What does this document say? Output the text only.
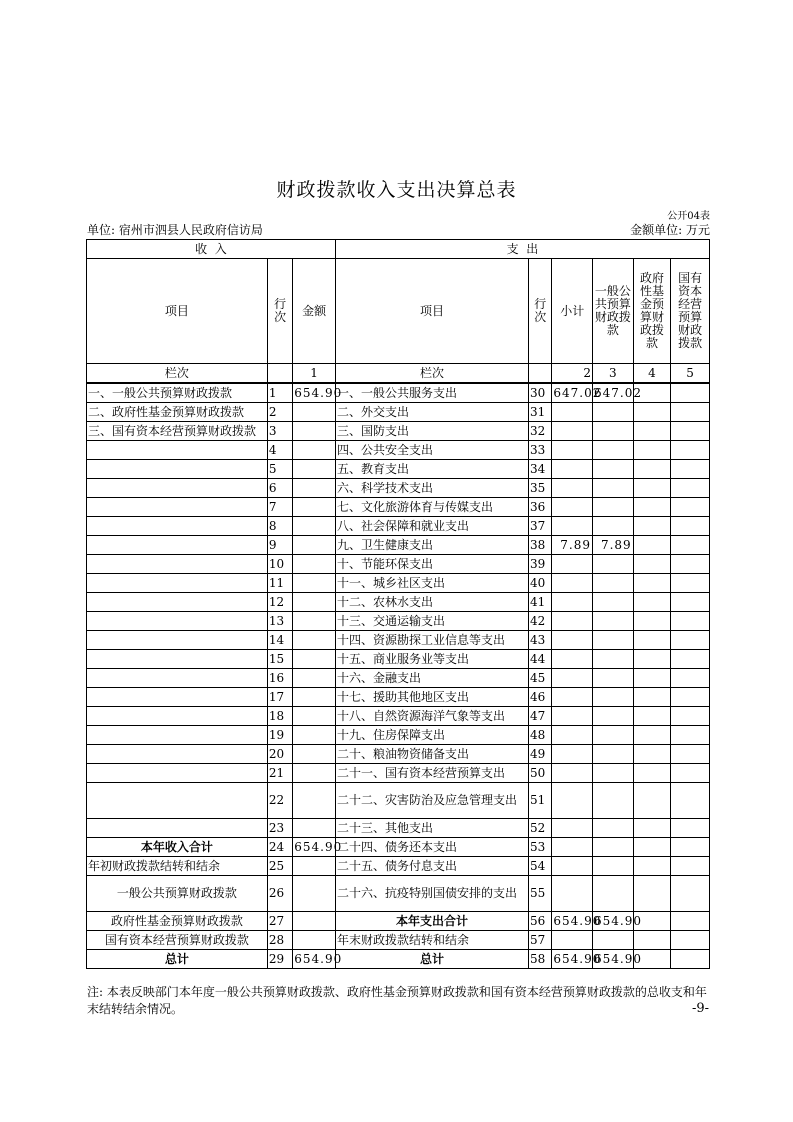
财政拨款收入支出决算总表
公开04表
单位: 宿州市泗县人民政府信访局	金额单位: 万元
收  入			支  出					
项目	行次	金额	项目	行次	小计	一般公共预算财政拨款	政府性基金预算财政拨款	国有资本经营预算财政拨款
栏次		1	栏次		2	3	4	5
一、一般公共预算财政拨款	1	654.90	一、一般公共服务支出	30	647.02	647.02		
二、政府性基金预算财政拨款	2		二、外交支出	31				
三、国有资本经营预算财政拨款	3		三、国防支出	32				
	4		四、公共安全支出	33				
	5		五、教育支出	34				
	6		六、科学技术支出	35				
	7		七、文化旅游体育与传媒支出	36				
	8		八、社会保障和就业支出	37				
	9		九、卫生健康支出	38	7.89	7.89		
	10		十、节能环保支出	39				
	11		十一、城乡社区支出	40				
	12		十二、农林水支出	41				
	13		十三、交通运输支出	42				
	14		十四、资源勘探工业信息等支出	43				
	15		十五、商业服务业等支出	44				
	16		十六、金融支出	45				
	17		十七、援助其他地区支出	46				
	18		十八、自然资源海洋气象等支出	47				
	19		十九、住房保障支出	48				
	20		二十、粮油物资储备支出	49				
	21		二十一、国有资本经营预算支出	50				
	22		二十二、灾害防治及应急管理支出	51				
	23		二十三、其他支出	52				
本年收入合计	24	654.90	二十四、债务还本支出	53				
年初财政拨款结转和结余	25		二十五、债务付息支出	54				
一般公共预算财政拨款	26		二十六、抗疫特别国债安排的支出	55				
政府性基金预算财政拨款	27		本年支出合计	56	654.90	654.90		
国有资本经营预算财政拨款	28		年末财政拨款结转和结余	57				
总计	29	654.90	总计	58	654.90	654.90		
注: 本表反映部门本年度一般公共预算财政拨款、政府性基金预算财政拨款和国有资本经营预算财政拨款的总收支和年末结转结余情况。	-9-
